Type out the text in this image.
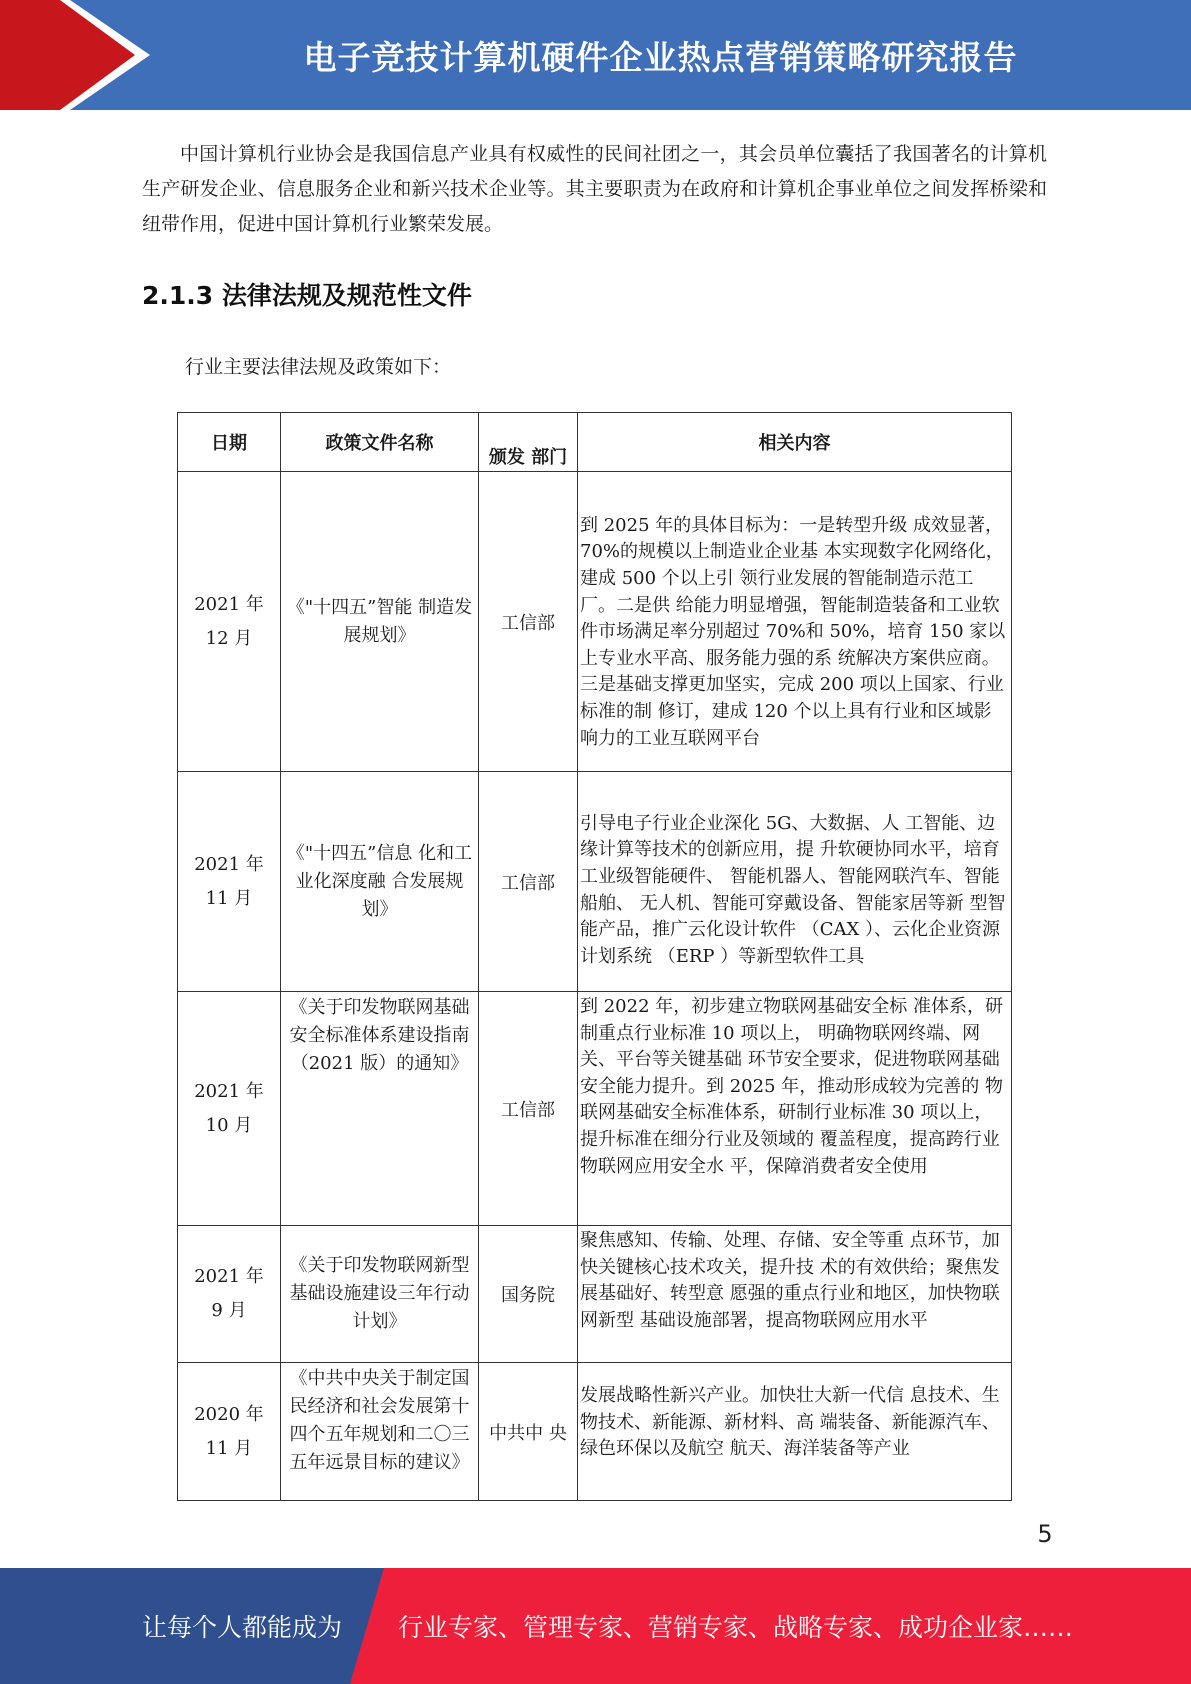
电子竞技计算机硬件企业热点营销策略研究报告
中国计算机行业协会是我国信息产业具有权威性的民间社团之一，其会员单位囊括了我国著名的计算机生产研发企业、信息服务企业和新兴技术企业等。其主要职责为在政府和计算机企事业单位之间发挥桥梁和纽带作用，促进中国计算机行业繁荣发展。
2.1.3 法律法规及规范性文件
行业主要法律法规及政策如下：
日期	政策文件名称	颁发 部门	相关内容

2021 年
12 月	《"十四五”智能 制造发展规划》	工信部	到 2025 年的具体目标为：一是转型升级 成效显著，70%的规模以上制造业企业基 本实现数字化网络化，建成 500 个以上引 领行业发展的智能制造示范工厂。二是供 给能力明显增强，智能制造装备和工业软 件市场满足率分别超过 70%和 50%，培育 150 家以上专业水平高、服务能力强的系 统解决方案供应商。三是基础支撑更加坚实，完成 200 项以上国家、行业标准的制 修订，建成 120 个以上具有行业和区域影 响力的工业互联网平台

2021 年
11 月	《"十四五”信息 化和工业化深度融 合发展规划》	工信部	引导电子行业企业深化 5G、大数据、人 工智能、边缘计算等技术的创新应用，提 升软硬协同水平，培育工业级智能硬件、 智能机器人、智能网联汽车、智能船舶、 无人机、智能可穿戴设备、智能家居等新 型智能产品，推广云化设计软件 （CAX ）、云化企业资源计划系统 （ERP ）等新型软件工具

2021 年
10 月	《关于印发物联网基础安全标准体系建设指南（2021 版）的通知》	工信部	到 2022 年，初步建立物联网基础安全标 准体系，研制重点行业标准 10 项以上， 明确物联网终端、网关、平台等关键基础 环节安全要求，促进物联网基础安全能力提升。到 2025 年，推动形成较为完善的 物联网基础安全标准体系，研制行业标准 30 项以上，提升标准在细分行业及领域的 覆盖程度，提高跨行业物联网应用安全水 平，保障消费者安全使用

2021 年
9 月	《关于印发物联网新型基础设施建设三年行动计划》	国务院	聚焦感知、传输、处理、存储、安全等重 点环节，加快关键核心技术攻关，提升技 术的有效供给；聚焦发展基础好、转型意 愿强的重点行业和地区，加快物联网新型 基础设施部署，提高物联网应用水平

2020 年
11 月	《中共中央关于制定国民经济和社会发展第十四个五年规划和二〇三五年远景目标的建议》	中共中 央	发展战略性新兴产业。加快壮大新一代信 息技术、生物技术、新能源、新材料、高 端装备、新能源汽车、绿色环保以及航空 航天、海洋装备等产业
5
让每个人都能成为 行业专家、管理专家、营销专家、战略专家、成功企业家……
